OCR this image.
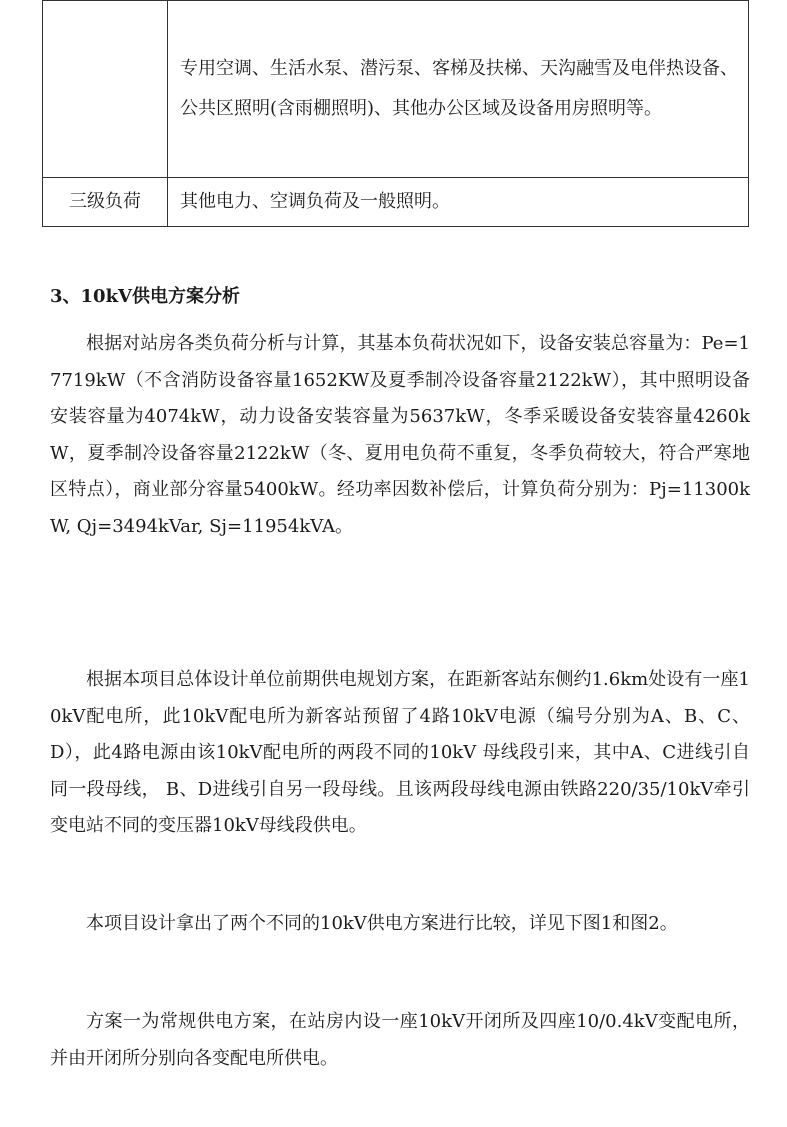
	专用空调、生活水泵、潜污泵、客梯及扶梯、天沟融雪及电伴热设备、公共区照明(含雨棚照明)、其他办公区域及设备用房照明等。
三级负荷	其他电力、空调负荷及一般照明。
3、10kV供电方案分析

根据对站房各类负荷分析与计算，其基本负荷状况如下，设备安装总容量为：Pe=17719kW（不含消防设备容量1652KW及夏季制冷设备容量2122kW），其中照明设备安装容量为4074kW，动力设备安装容量为5637kW，冬季采暖设备安装容量4260kW，夏季制冷设备容量2122kW（冬、夏用电负荷不重复，冬季负荷较大，符合严寒地区特点），商业部分容量5400kW。经功率因数补偿后，计算负荷分别为：Pj=11300kW, Qj=3494kVar, Sj=11954kVA。

根据本项目总体设计单位前期供电规划方案，在距新客站东侧约1.6km处设有一座10kV配电所，此10kV配电所为新客站预留了4路10kV电源（编号分别为A、B、C、D），此4路电源由该10kV配电所的两段不同的10kV 母线段引来，其中A、C进线引自同一段母线， B、D进线引自另一段母线。且该两段母线电源由铁路220/35/10kV牵引变电站不同的变压器10kV母线段供电。

本项目设计拿出了两个不同的10kV供电方案进行比较，详见下图1和图2。

方案一为常规供电方案，在站房内设一座10kV开闭所及四座10/0.4kV变配电所，并由开闭所分别向各变配电所供电。
